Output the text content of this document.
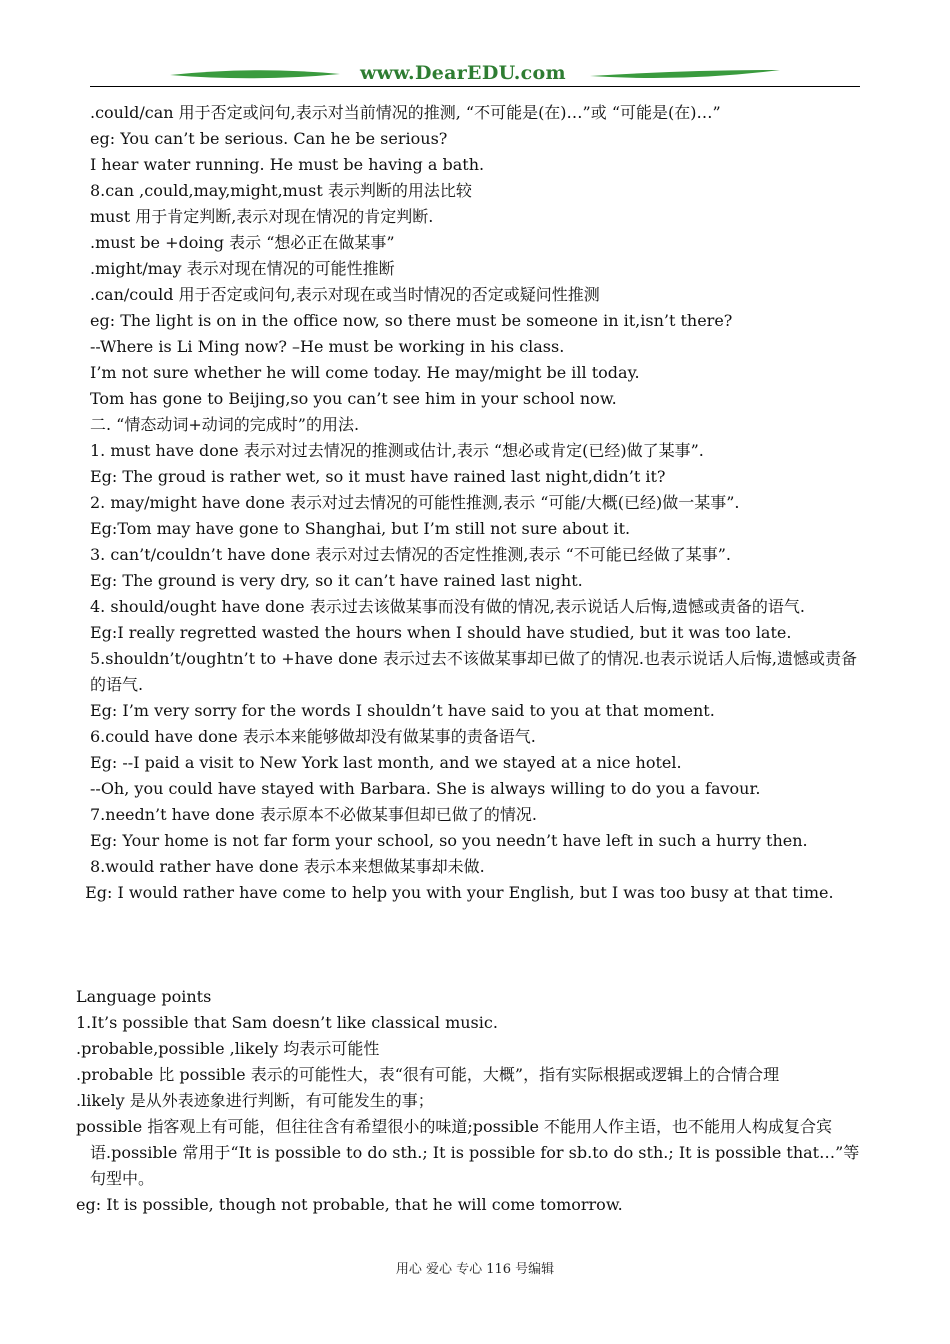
www.DearEDU.com
.could/can 用于否定或问句,表示对当前情况的推测, “不可能是(在)…”或 “可能是(在)…”
eg: You can’t be serious. Can he be serious?
I hear water running. He must be having a bath.
8.can ,could,may,might,must 表示判断的用法比较
must 用于肯定判断,表示对现在情况的肯定判断.
.must be +doing 表示 “想必正在做某事”
.might/may 表示对现在情况的可能性推断
.can/could 用于否定或问句,表示对现在或当时情况的否定或疑问性推测
eg: The light is on in the office now, so there must be someone in it,isn’t there?
--Where is Li Ming now? –He must be working in his class.
I’m not sure whether he will come today. He may/might be ill today.
Tom has gone to Beijing,so you can’t see him in your school now.
二. “情态动词+动词的完成时”的用法.
1. must have done 表示对过去情况的推测或估计,表示 “想必或肯定(已经)做了某事”.
Eg: The groud is rather wet, so it must have rained last night,didn’t it?
2. may/might have done 表示对过去情况的可能性推测,表示 “可能/大概(已经)做一某事”.
Eg:Tom may have gone to Shanghai, but I’m still not sure about it.
3. can’t/couldn’t have done 表示对过去情况的否定性推测,表示 “不可能已经做了某事”.
Eg: The ground is very dry, so it can’t have rained last night.
4. should/ought have done 表示过去该做某事而没有做的情况,表示说话人后悔,遗憾或责备的语气.
Eg:I really regretted wasted the hours when I should have studied, but it was too late.
5.shouldn’t/oughtn’t to +have done 表示过去不该做某事却已做了的情况.也表示说话人后悔,遗憾或责备的语气.
Eg: I’m very sorry for the words I shouldn’t have said to you at that moment.
6.could have done 表示本来能够做却没有做某事的责备语气.
Eg: --I paid a visit to New York last month, and we stayed at a nice hotel.
--Oh, you could have stayed with Barbara. She is always willing to do you a favour.
7.needn’t have done 表示原本不必做某事但却已做了的情况.
Eg: Your home is not far form your school, so you needn’t have left in such a hurry then.
8.would rather have done 表示本来想做某事却未做.
Eg: I would rather have come to help you with your English, but I was too busy at that time.
Language points
1.It’s possible that Sam doesn’t like classical music.
.probable,possible ,likely 均表示可能性
.probable 比 possible 表示的可能性大，表“很有可能，大概”，指有实际根据或逻辑上的合情合理
.likely 是从外表迹象进行判断，有可能发生的事；
possible 指客观上有可能，但往往含有希望很小的味道;possible 不能用人作主语，也不能用人构成复合宾语.possible 常用于“It is possible to do sth.; It is possible for sb.to do sth.; It is possible that…”等句型中。
eg: It is possible, though not probable, that he will come tomorrow.
用心 爱心 专心 116 号编辑
